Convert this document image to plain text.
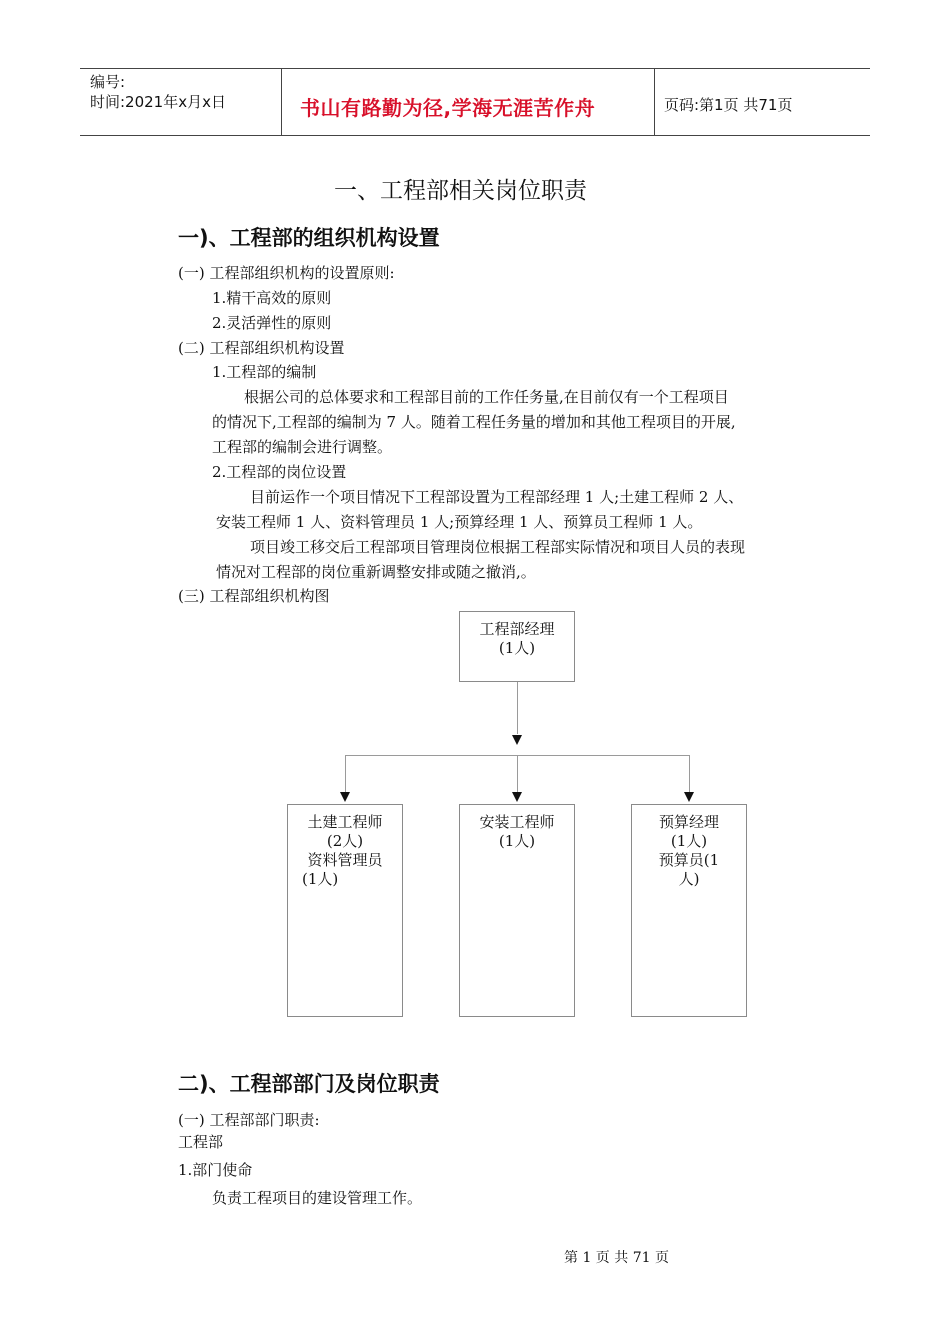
编号:
时间:2021年x月x日	书山有路勤为径,学海无涯苦作舟	页码:第1页 共71页
一、工程部相关岗位职责
一)、工程部的组织机构设置
(一) 工程部组织机构的设置原则:
1.精干高效的原则
2.灵活弹性的原则
(二) 工程部组织机构设置
1.工程部的编制
根据公司的总体要求和工程部目前的工作任务量,在目前仅有一个工程项目
的情况下,工程部的编制为 7 人。随着工程任务量的增加和其他工程项目的开展,
工程部的编制会进行调整。
2.工程部的岗位设置
目前运作一个项目情况下工程部设置为工程部经理 1 人;土建工程师 2 人、
安装工程师 1 人、资料管理员 1 人;预算经理 1 人、预算员工程师 1 人。
项目竣工移交后工程部项目管理岗位根据工程部实际情况和项目人员的表现
情况对工程部的岗位重新调整安排或随之撤消,。
(三) 工程部组织机构图
工程部经理
(1人)
土建工程师
(2人)
资料管理员
(1人)
安装工程师
(1人)
预算经理
(1人)
预算员(1
人)
二)、工程部部门及岗位职责
(一) 工程部部门职责:
工程部
1.部门使命
负责工程项目的建设管理工作。
第 1 页 共 71 页
